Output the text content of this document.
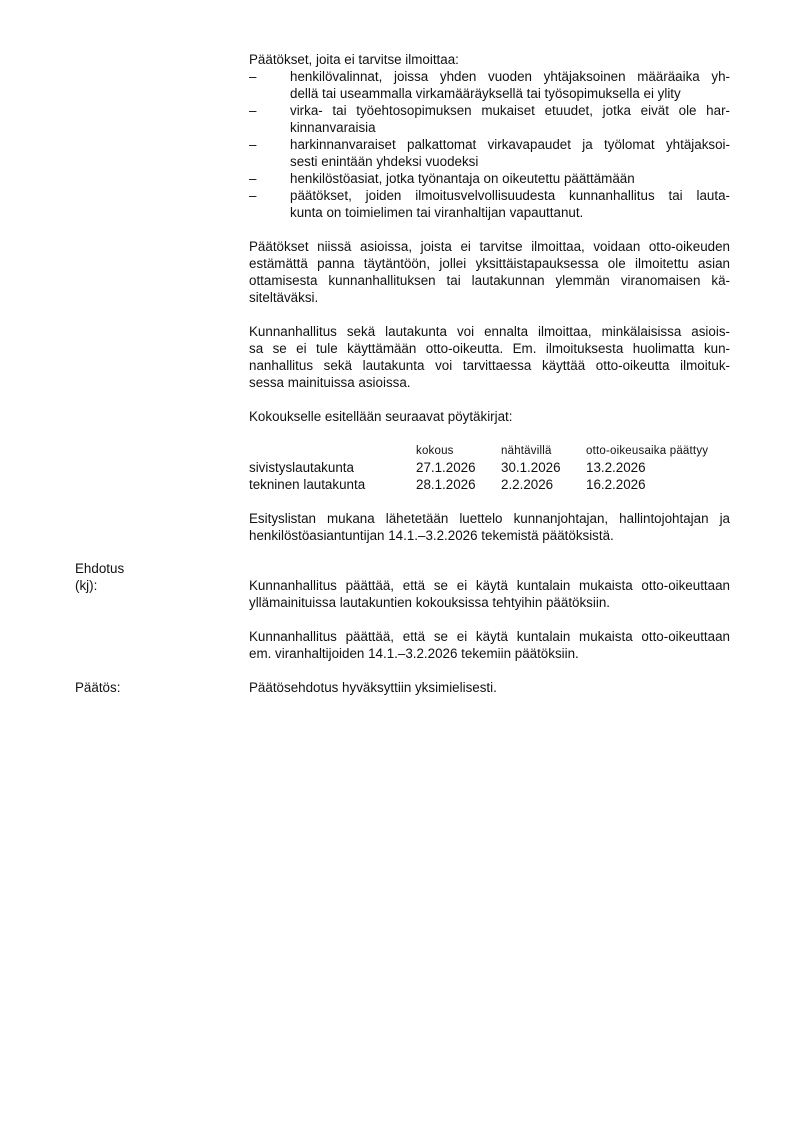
Päätökset, joita ei tarvitse ilmoittaa:
–	henkilövalinnat, joissa yhden vuoden yhtäjaksoinen määräaika yh-
dellä tai useammalla virkamääräyksellä tai työsopimuksella ei ylity
–	virka- tai työehtosopimuksen mukaiset etuudet, jotka eivät ole har-
kinnanvaraisia
–	harkinnanvaraiset palkattomat virkavapaudet ja työlomat yhtäjaksoi-
sesti enintään yhdeksi vuodeksi
–	henkilöstöasiat, jotka työnantaja on oikeutettu päättämään
–	päätökset, joiden ilmoitusvelvollisuudesta kunnanhallitus tai lauta-
kunta on toimielimen tai viranhaltijan vapauttanut.
Päätökset niissä asioissa, joista ei tarvitse ilmoittaa, voidaan otto-oikeuden
estämättä panna täytäntöön, jollei yksittäistapauksessa ole ilmoitettu asian
ottamisesta kunnanhallituksen tai lautakunnan ylemmän viranomaisen kä-
siteltäväksi.
Kunnanhallitus sekä lautakunta voi ennalta ilmoittaa, minkälaisissa asiois-
sa se ei tule käyttämään otto-oikeutta. Em. ilmoituksesta huolimatta kun-
nanhallitus sekä lautakunta voi tarvittaessa käyttää otto-oikeutta ilmoituk-
sessa mainituissa asioissa.
Kokoukselle esitellään seuraavat pöytäkirjat:
kokous	nähtävillä	otto-oikeusaika päättyy
sivistyslautakunta	27.1.2026 30.1.2026 13.2.2026
tekninen lautakunta	28.1.2026 2.2.2026 16.2.2026
Esityslistan mukana lähetetään luettelo kunnanjohtajan, hallintojohtajan ja
henkilöstöasiantuntijan 14.1.–3.2.2026 tekemistä päätöksistä.
Ehdotus
(kj):	Kunnanhallitus päättää, että se ei käytä kuntalain mukaista otto-oikeuttaan
yllämainituissa lautakuntien kokouksissa tehtyihin päätöksiin.
Kunnanhallitus päättää, että se ei käytä kuntalain mukaista otto-oikeuttaan
em. viranhaltijoiden 14.1.–3.2.2026 tekemiin päätöksiin.
Päätös:	Päätösehdotus hyväksyttiin yksimielisesti.
